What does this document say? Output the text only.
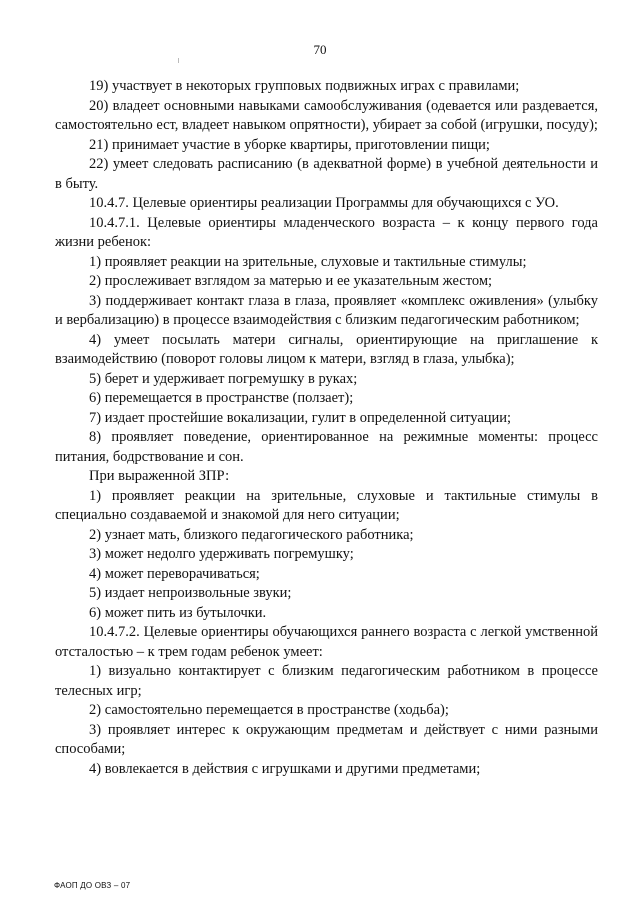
70

19) участвует в некоторых групповых подвижных играх с правилами;

20) владеет основными навыками самообслуживания (одевается или раздевается, самостоятельно ест, владеет навыком опрятности), убирает за собой (игрушки, посуду);

21) принимает участие в уборке квартиры, приготовлении пищи;

22) умеет следовать расписанию (в адекватной форме) в учебной деятельности и в быту.

10.4.7. Целевые ориентиры реализации Программы для обучающихся с УО.

10.4.7.1. Целевые ориентиры младенческого возраста – к концу первого года жизни ребенок:

1) проявляет реакции на зрительные, слуховые и тактильные стимулы;

2) прослеживает взглядом за матерью и ее указательным жестом;

3) поддерживает контакт глаза в глаза, проявляет «комплекс оживления» (улыбку и вербализацию) в процессе взаимодействия с близким педагогическим работником;

4) умеет посылать матери сигналы, ориентирующие на приглашение к взаимодействию (поворот головы лицом к матери, взгляд в глаза, улыбка);

5) берет и удерживает погремушку в руках;

6) перемещается в пространстве (ползает);

7) издает простейшие вокализации, гулит в определенной ситуации;

8) проявляет поведение, ориентированное на режимные моменты: процесс питания, бодрствование и сон.

При выраженной ЗПР:

1) проявляет реакции на зрительные, слуховые и тактильные стимулы в специально создаваемой и знакомой для него ситуации;

2) узнает мать, близкого педагогического работника;

3) может недолго удерживать погремушку;

4) может переворачиваться;

5) издает непроизвольные звуки;

6) может пить из бутылочки.

10.4.7.2. Целевые ориентиры обучающихся раннего возраста с легкой умственной отсталостью – к трем годам ребенок умеет:

1) визуально контактирует с близким педагогическим работником в процессе телесных игр;

2) самостоятельно перемещается в пространстве (ходьба);

3) проявляет интерес к окружающим предметам и действует с ними разными способами;

4) вовлекается в действия с игрушками и другими предметами;

ФАОП ДО ОВЗ – 07
